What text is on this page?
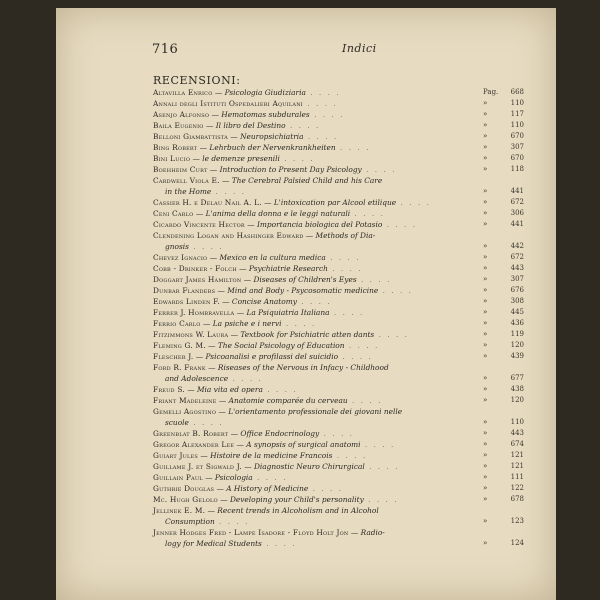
716	Indici
RECENSIONI:
Altavilla Enrico — Psicologia Giudiziaria . . . .	Pag.	668
Annali degli Istituti Ospedalieri Aquilani . . . .	»	110
Asenjo Alfonso — Hematomas subdurales . . . .	»	117
Baila Eugenio — Il libro del Destino . . . .	»	110
Belloni Giambattista — Neuropsichiatria . . . .	»	670
Bing Robert — Lehrbuch der Nervenkrankheiten . . . .	»	307
Bini Lucio — le demenze presenili . . . .	»	670
Boehheim Curt — Introduction to Present Day Psicology . . . .	»	118
Cardwell Viola E. — The Cerebral Palsied Child and his Care
in the Home . . . .	»	441
Cassier H. e Delau Nail A. L. — L'intoxication par Alcool etilique . . . .	»	672
Ceni Carlo — L'anima della donna e le leggi naturali . . . .	»	306
Cicardo Vincente Hector — Importancia biologica del Potasio . . . .	»	441
Clendening Logan and Hashinger Edward — Methods of Dia-
gnosis . . . .	»	442
Chevez Ignacio — Mexico en la cultura medica . . . .	»	672
Cobb - Drinker - Folch — Psychiatrie Research . . . .	»	443
Doggart James Hamilton — Diseases of Children's Eyes . . . .	»	307
Dunbar Flanders — Mind and Body - Psycosomatic medicine . . . .	»	676
Edwards Linden F. — Concise Anatomy . . . .	»	308
Ferrer J. Hombravella — La Psiquiatria Italiana . . . .	»	445
Ferrio Carlo — La psiche e i nervi . . . .	»	436
Fitzimmons W. Laura — Textbook for Psichiatric atten dants . . . .	»	119
Fleming G. M. — The Social Psicology of Education . . . .	»	120
Flescher J. — Psicoanalisi e profilassi del suicidio . . . .	»	439
Ford R. Frank — Riseases of the Nervous in Infacy - Childhood
and Adolescence . . . .	»	677
Freud S. — Mia vita ed opera . . . .	»	438
Friant Madeleine — Anatomie comparée du cerveau . . . .	»	120
Gemelli Agostino — L'orientamento professionale dei giovani nelle
scuole . . . .	»	110
Greenblat B. Robert — Office Endocrinology . . . .	»	443
Gregor Alexander Lee — A synopsis of surgical anatomi . . . .	»	674
Guiart Jules — Histoire de la medicine Francois . . . .	»	121
Guillame J. et Sigwald J. — Diagnostic Neuro Chirurgical . . . .	»	121
Guillain Paul — Psicologia . . . .	»	111
Guthrie Douglas — A History of Medicine . . . .	»	122
Mc. Hugh Gelolo — Developing your Child's personality . . . .	»	678
Jellinek E. M. — Recent trends in Alcoholism and in Alcohol
Consumption . . . .	»	123
Jenner Hodges Fred - Lampe Isadore - Floyd Holt Jon — Radio-
logy for Medical Students . . . .	»	124
